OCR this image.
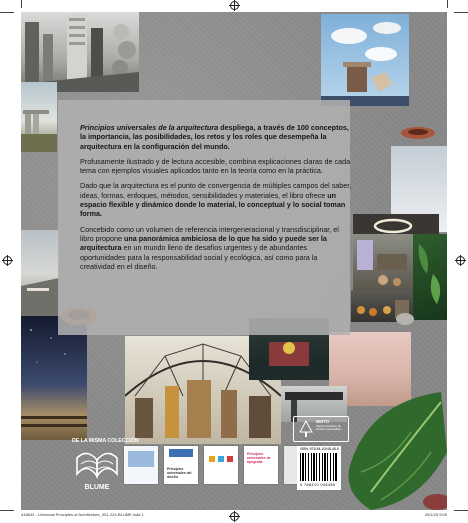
Principios universales de la arquitectura despliega, a través de 100 conceptos, la importancia, las posibilidades, los retos y los roles que desempeña la arquitectura en la configuración del mundo.

Profusamente ilustrado y de lectura accesible, combina explicaciones claras de cada tema con ejemplos visuales aplicados tanto en la teoría como en la práctica.

Dado que la arquitectura es el punto de convergencia de múltiples campos del saber, ideas, formas, enfoques, métodos, sensibilidades y materiales, el libro ofrece un espacio flexible y dinámico donde lo material, lo conceptual y lo social toman forma.

Concebido como un volumen de referencia intergeneracional y transdisciplinar, el libro propone una panorámica ambiciosa de lo que ha sido y puede ser la arquitectura en un mundo lleno de desafíos urgentes y de abundantes oportunidades para la responsabilidad social y ecológica, así como para la creatividad en el diseño.

DE LA MISMA COLECCIÓN
Principios universales del diseño
Principios universales de tipografía
BLUME
MIXTO
Papel procedente de fuentes responsables
ISBN: 978-84-10048-48-5
9 788410 048485
418642 - Universal Principles of Architecture_001-224-BLUME.indd 1	29/1/25 9:05
